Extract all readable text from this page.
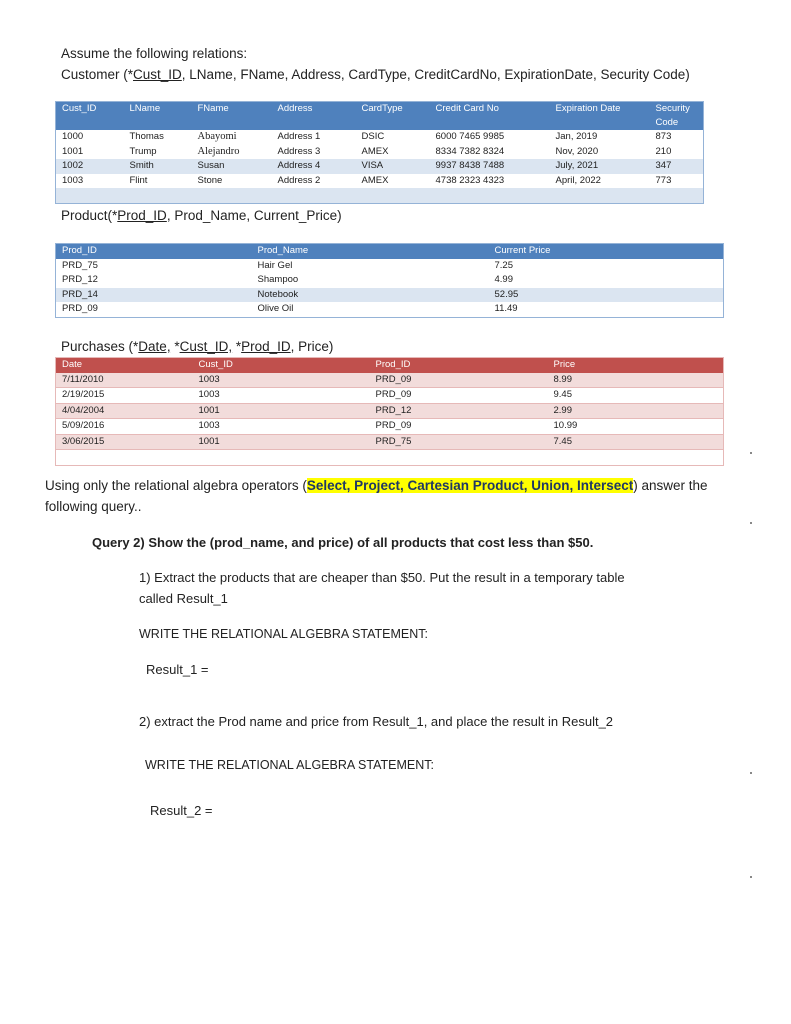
Assume the following relations:
Customer (*Cust_ID, LName, FName, Address, CardType, CreditCardNo, ExpirationDate, Security Code)
Cust_ID	LName	FName	Address	CardType	Credit Card No	Expiration Date	Security Code
1000	Thomas	Abayomi	Address 1	DSIC	6000 7465 9985	Jan, 2019	873
1001	Trump	Alejandro	Address 3	AMEX	8334 7382 8324	Nov, 2020	210
1002	Smith	Susan	Address 4	VISA	9937 8438 7488	July, 2021	347
1003	Flint	Stone	Address 2	AMEX	4738 2323 4323	April, 2022	773

Product(*Prod_ID, Prod_Name, Current_Price)
Prod_ID	Prod_Name	Current Price
PRD_75	Hair Gel	7.25
PRD_12	Shampoo	4.99
PRD_14	Notebook	52.95
PRD_09	Olive Oil	11.49
Purchases (*Date, *Cust_ID, *Prod_ID, Price)
Date	Cust_ID	Prod_ID	Price
7/11/2010	1003	PRD_09	8.99
2/19/2015	1003	PRD_09	9.45
4/04/2004	1001	PRD_12	2.99
5/09/2016	1003	PRD_09	10.99
3/06/2015	1001	PRD_75	7.45

Using only the relational algebra operators (Select, Project, Cartesian Product, Union, Intersect) answer the
following query..
Query 2) Show the (prod_name, and price) of all products that cost less than $50.
1) Extract the products that are cheaper than $50. Put the result in a temporary table
called Result_1
WRITE THE RELATIONAL ALGEBRA STATEMENT:
Result_1 =
2) extract the Prod name and price from Result_1, and place the result in Result_2
WRITE THE RELATIONAL ALGEBRA STATEMENT:
Result_2 =
